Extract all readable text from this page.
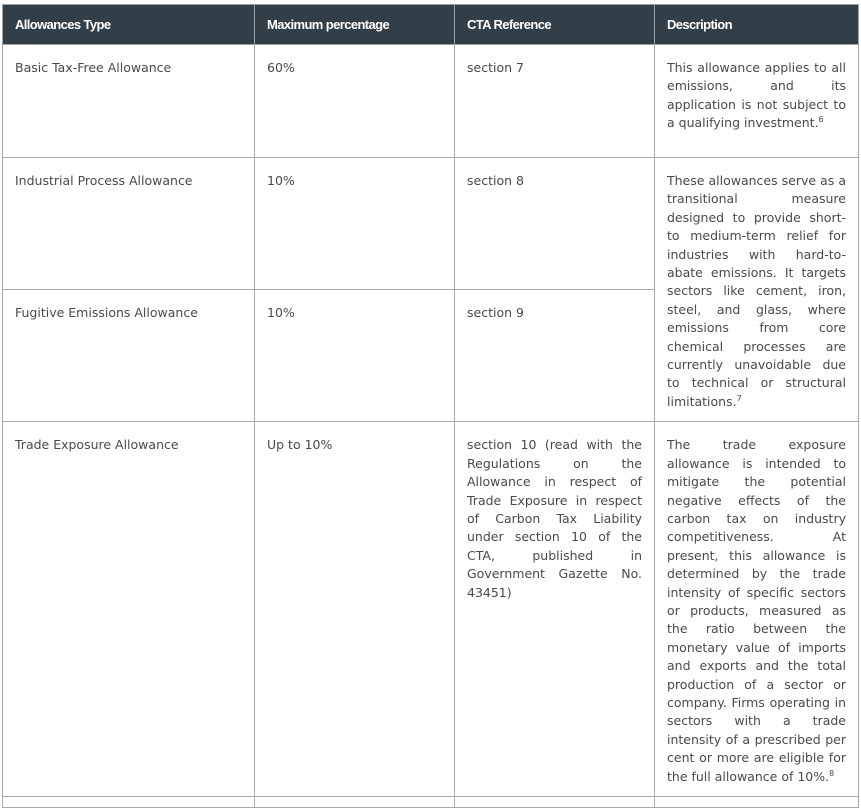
Allowances Type	Maximum percentage	CTA Reference	Description
Basic Tax-Free Allowance	60%	section 7	This allowance applies to all emissions, and its application is not subject to a qualifying investment.$^6$
Industrial Process Allowance	10%	section 8	These allowances serve as a transitional measure designed to provide short- to medium-term relief for industries with hard-to-abate emissions. It targets sectors like cement, iron, steel, and glass, where emissions from core chemical processes are currently unavoidable due to technical or structural limitations.$^7$
Fugitive Emissions Allowance	10%	section 9	
Trade Exposure Allowance	Up to 10%	section 10 (read with the Regulations on the Allowance in respect of Trade Exposure in respect of Carbon Tax Liability under section 10 of the CTA, published in Government Gazette No. 43451)	The trade exposure allowance is intended to mitigate the potential negative effects of the carbon tax on industry competitiveness. At present, this allowance is determined by the trade intensity of specific sectors or products, measured as the ratio between the monetary value of imports and exports and the total production of a sector or company. Firms operating in sectors with a trade intensity of a prescribed per cent or more are eligible for the full allowance of 10%.$^8$
